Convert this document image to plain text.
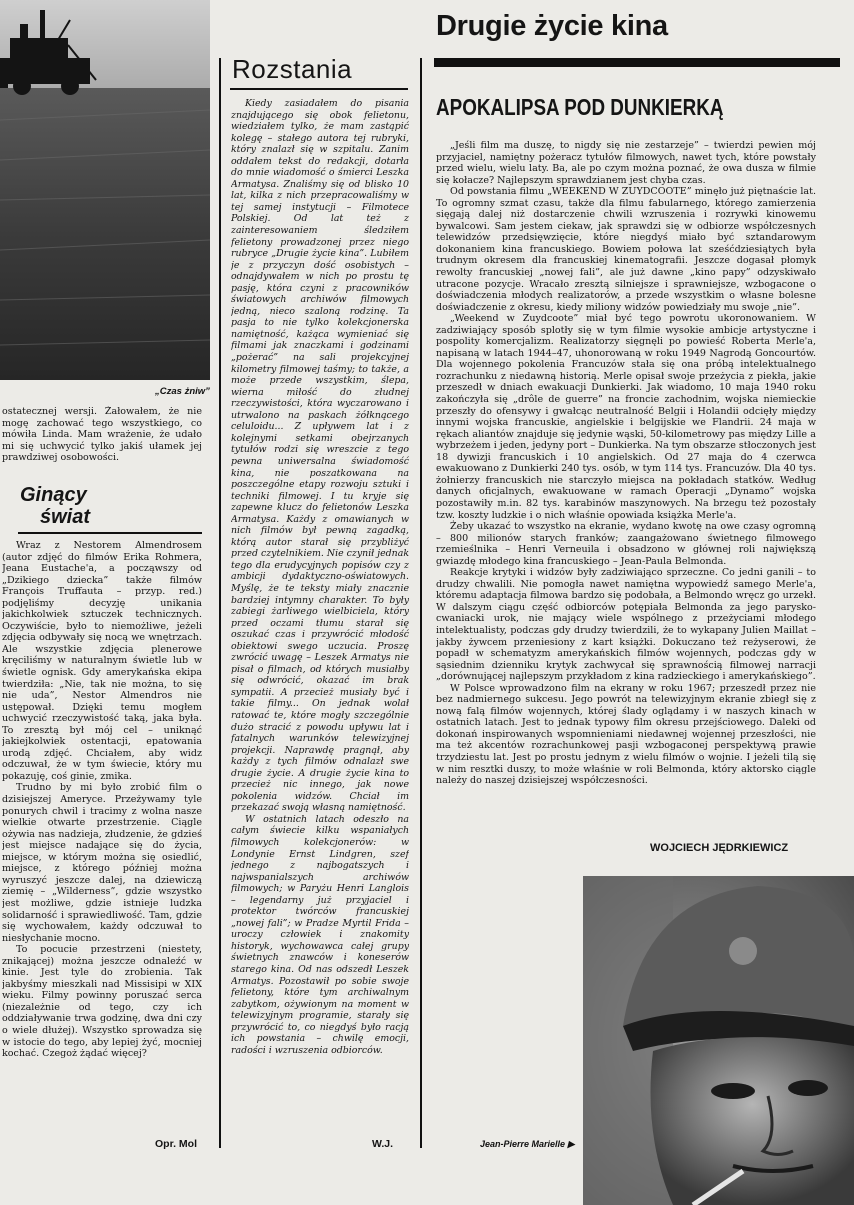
„Czas żniw”

ostatecznej wersji. Żałowałem, że nie mogę zachować tego wszystkiego, co mówiła Linda. Mam wrażenie, że udało mi się uchwycić tylko jakiś ułamek jej prawdziwej osobowości.

Ginący
świat

Wraz z Nestorem Almendrosem (autor zdjęć do filmów Erika Rohmera, Jeana Eustache'a, a począwszy od „Dzikiego dziecka” także filmów François Truffauta – przyp. red.) podjęliśmy decyzję unikania jakichkolwiek sztuczek technicznych. Oczywiście, było to niemożliwe, jeżeli zdjęcia odbywały się nocą we wnętrzach. Ale wszystkie zdjęcia plenerowe kręciliśmy w naturalnym świetle lub w świetle ognisk. Gdy amerykańska ekipa twierdziła: „Nie, tak nie można, to się nie uda”, Nestor Almendros nie ustępował. Dzięki temu mogłem uchwycić rzeczywistość taką, jaka była. To zresztą był mój cel – uniknąć jakiejkolwiek ostentacji, epatowania urodą zdjęć. Chciałem, aby widz odczuwał, że w tym świecie, który mu pokazuję, coś ginie, zmika.

Trudno by mi było zrobić film o dzisiejszej Ameryce. Przeżywamy tyle ponurych chwil i tracimy z wolna nasze wielkie otwarte przestrzenie. Ciągle ożywia nas nadzieja, złudzenie, że gdzieś jest miejsce nadające się do życia, miejsce, w którym można się osiedlić, miejsce, z którego później można wyruszyć jeszcze dalej, na dziewiczą ziemię – „Wilderness”, gdzie wszystko jest możliwe, gdzie istnieje ludzka solidarność i sprawiedliwość. Tam, gdzie się wychowałem, każdy odczuwał to niesłychanie mocno.

To pocucie przestrzeni (niestety, znikającej) można jeszcze odnaleźć w kinie. Jest tyle do zrobienia. Tak jakbyśmy mieszkali nad Missisipi w XIX wieku. Filmy powinny poruszać serca (niezależnie od tego, czy ich oddziaływanie trwa godzinę, dwa dni czy o wiele dłużej). Wszystko sprowadza się w istocie do tego, aby lepiej żyć, mocniej kochać. Czegoż żądać więcej?

Opr. Mol
Rozstania

Kiedy zasiadałem do pisania znajdującego się obok felietonu, wiedziałem tylko, że mam zastąpić kolegę – stałego autora tej rubryki, który znalazł się w szpitalu. Zanim oddałem tekst do redakcji, dotarła do mnie wiadomość o śmierci Leszka Armatysa. Znaliśmy się od blisko 10 lat, kilka z nich przepracowaliśmy w tej samej instytucji – Filmotece Polskiej. Od lat też z zainteresowaniem śledziłem felietony prowadzonej przez niego rubryce „Drugie życie kina”. Lubiłem je z przyczyn dość osobistych – odnajdywałem w nich po prostu tę pasję, która czyni z pracowników światowych archiwów filmowych jedną, nieco szaloną rodzinę. Ta pasja to nie tylko kolekcjonerska namiętność, każąca wymieniać się filmami jak znaczkami i godzinami „pożerać” na sali projekcyjnej kilometry filmowej taśmy; to także, a może przede wszystkim, ślepa, wierna miłość do złudnej rzeczywistości, która wyczarowano i utrwalono na paskach żółknącego celuloidu... Z upływem lat i z kolejnymi setkami obejrzanych tytułów rodzi się wreszcie z tego pewna uniwersalna świadomość kina, nie poszatkowana na poszczególne etapy rozwoju sztuki i techniki filmowej. I tu kryje się zapewne klucz do felietonów Leszka Armatysa. Każdy z omawianych w nich filmów był pewną zagadką, którą autor starał się przybliżyć przed czytelnikiem. Nie czynił jednak tego dla erudycyjnych popisów czy z ambicji dydaktyczno-oświatowych. Myślę, że te teksty miały znacznie bardziej intymny charakter. To były zabiegi żarliwego wielbiciela, który przed oczami tłumu starał się oszukać czas i przywrócić młodość obiektowi swego uczucia. Proszę zwrócić uwagę – Leszek Armatys nie pisał o filmach, od których musiałby się odwrócić, okazać im brak sympatii. A przecież musiały być i takie filmy... On jednak wolał ratować te, które mogły szczególnie dużo stracić z powodu upływu lat i fatalnych warunków telewizyjnej projekcji. Naprawdę pragnął, aby każdy z tych filmów odnalazł swe drugie życie. A drugie życie kina to przecież nic innego, jak nowe pokolenia widzów. Chciał im przekazać swoją własną namiętność.

W ostatnich latach odeszło na całym świecie kilku wspaniałych filmowych kolekcjonerów: w Londynie Ernst Lindgren, szef jednego z najbogatszych i najwspanialszych archiwów filmowych; w Paryżu Henri Langlois – legendarny już przyjaciel i protektor twórców francuskiej „nowej fali”; w Pradze Myrtil Frida – uroczy człowiek i znakomity historyk, wychowawca całej grupy świetnych znawców i koneserów starego kina. Od nas odszedł Leszek Armatys. Pozostawił po sobie swoje felietony, które tym archiwalnym zabytkom, ożywionym na moment w telewizyjnym programie, starały się przywrócić to, co niegdyś było racją ich powstania – chwilę emocji, radości i wzruszenia odbiorców.

W.J.
Drugie życie kina
APOKALIPSA POD DUNKIERKĄ

„Jeśli film ma duszę, to nigdy się nie zestarzeje” – twierdzi pewien mój przyjaciel, namiętny pożeracz tytułów filmowych, nawet tych, które powstały przed wielu, wielu laty. Ba, ale po czym można poznać, że owa dusza w filmie się kołacze? Najlepszym sprawdzianem jest chyba czas.

Od powstania filmu „WEEKEND W ZUYDCOOTE” minęło już piętnaście lat. To ogromny szmat czasu, także dla filmu fabularnego, którego zamierzenia sięgają dalej niż dostarczenie chwili wzruszenia i rozrywki kinowemu bywalcowi. Sam jestem ciekaw, jak sprawdzi się w odbiorze współczesnych telewidzów przedsięwzięcie, które niegdyś miało być sztandarowym dokonaniem kina francuskiego. Bowiem połowa lat sześćdziesiątych była trudnym okresem dla francuskiej kinematografii. Jeszcze dogasał płomyk rewolty francuskiej „nowej fali”, ale już dawne „kino papy” odzyskiwało utracone pozycje. Wracało zresztą silniejsze i sprawniejsze, wzbogacone o doświadczenia młodych realizatorów, a przede wszystkim o własne bolesne doświadczenie z okresu, kiedy miliony widzów powiedziały mu swoje „nie”.

„Weekend w Zuydcoote” miał być tego powrotu ukoronowaniem. W zadziwiający sposób splotły się w tym filmie wysokie ambicje artystyczne i pospolity komercjalizm. Realizatorzy sięgnęli po powieść Roberta Merle'a, napisaną w latach 1944–47, uhonorowaną w roku 1949 Nagrodą Goncourtów. Dla wojennego pokolenia Francuzów stała się ona próbą intelektualnego rozrachunku z niedawną historią. Merle opisał swoje przeżycia z piekła, jakie przeszedł w dniach ewakuacji Dunkierki. Jak wiadomo, 10 maja 1940 roku zakończyła się „drôle de guerre” na froncie zachodnim, wojska niemieckie przeszły do ofensywy i gwałcąc neutralność Belgii i Holandii odcięły między innymi wojska francuskie, angielskie i belgijskie we Flandrii. 24 maja w rękach aliantów znajduje się jedynie wąski, 50-kilometrowy pas między Lille a wybrzeżem i jeden, jedyny port – Dunkierka. Na tym obszarze stłoczonych jest 18 dywizji francuskich i 10 angielskich. Od 27 maja do 4 czerwca ewakuowano z Dunkierki 240 tys. osób, w tym 114 tys. Francuzów. Dla 40 tys. żołnierzy francuskich nie starczyło miejsca na pokładach statków. Według danych oficjalnych, ewakuowane w ramach Operacji „Dynamo” wojska pozostawiły m.in. 82 tys. karabinów maszynowych. Na brzegu też pozostały tzw. koszty ludzkie i o nich właśnie opowiada książka Merle'a.

Żeby ukazać to wszystko na ekranie, wydano kwotę na owe czasy ogromną – 800 milionów starych franków; zaangażowano świetnego filmowego rzemieślnika – Henri Verneuila i obsadzono w głównej roli największą gwiazdę młodego kina francuskiego – Jean-Paula Belmonda.

Reakcje krytyki i widzów były zadziwiająco sprzeczne. Co jedni ganili – to drudzy chwalili. Nie pomogła nawet namiętna wypowiedź samego Merle'a, któremu adaptacja filmowa bardzo się podobała, a Belmondo wręcz go urzekł. W dalszym ciągu część odbiorców potępiała Belmonda za jego parysko-cwaniacki urok, nie mający wiele wspólnego z przeżyciami młodego intelektualisty, podczas gdy drudzy twierdzili, że to wykapany Julien Maillat – jakby żywcem przeniesiony z kart książki. Dokuczano też reżyserowi, że popadł w schematyzm amerykańskich filmów wojennych, podczas gdy w sąsiednim dzienniku krytyk zachwycał się sprawnością filmowej narracji „dorównującej najlepszym przykładom z kina radzieckiego i amerykańskiego”.

W Polsce wprowadzono film na ekrany w roku 1967; przeszedł przez nie bez nadmiernego sukcesu. Jego powrót na telewizyjnym ekranie zbiegł się z nową falą filmów wojennych, której ślady oglądamy i w naszych kinach w ostatnich latach. Jest to jednak typowy film okresu przejściowego. Daleki od dokonań inspirowanych wspomnieniami niedawnej wojennej przeszłości, nie ma też akcentów rozrachunkowej pasji wzbogaconej perspektywą prawie trzydziestu lat. Jest po prostu jednym z wielu filmów o wojnie. I jeżeli tilą się w nim resztki duszy, to może właśnie w roli Belmonda, który aktorsko ciągle należy do naszej dzisiejszej współczesności.

WOJCIECH JĘDRKIEWICZ
Jean-Pierre Marielle ▶
